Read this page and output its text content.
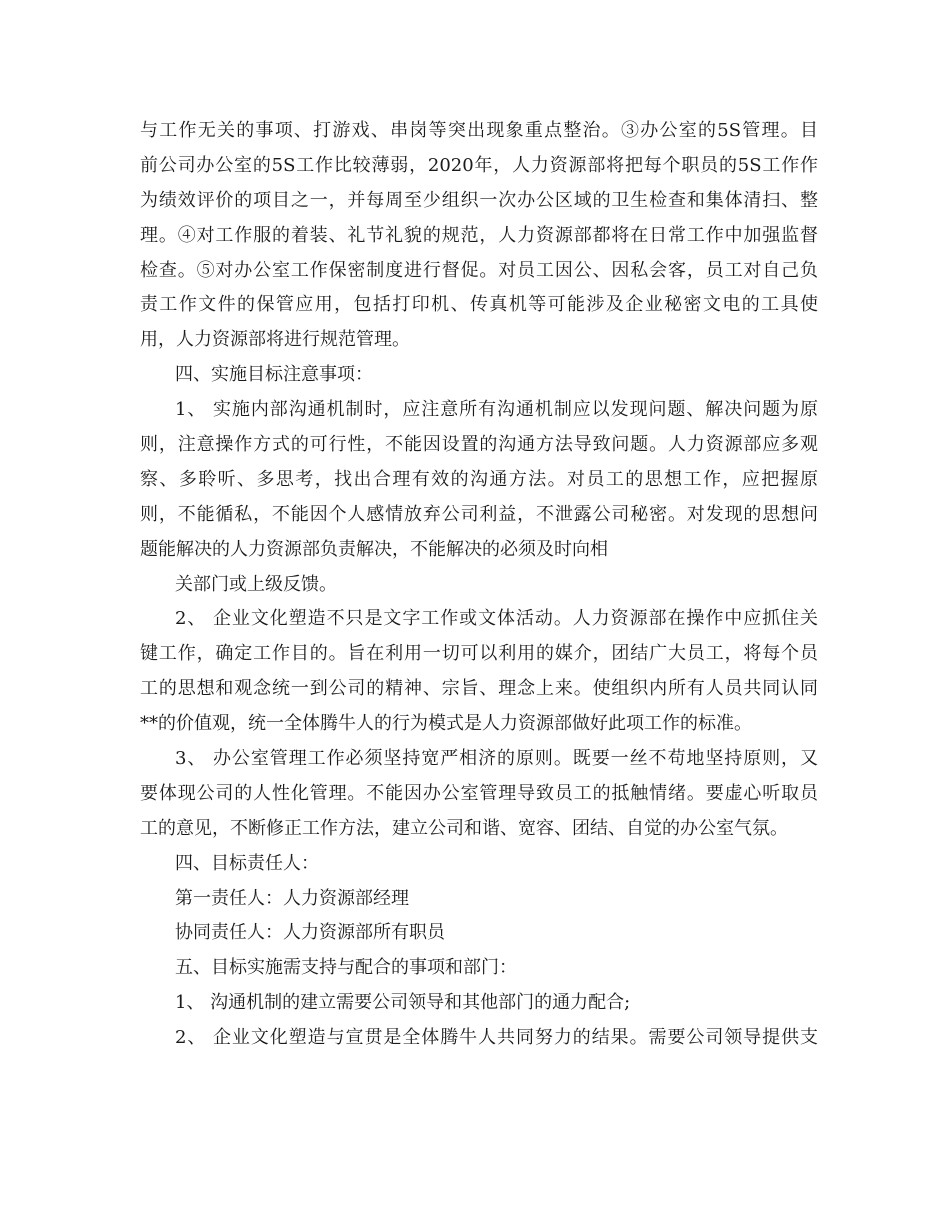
与工作无关的事项、打游戏、串岗等突出现象重点整治。③办公室的5S管理。目
前公司办公室的5S工作比较薄弱，2020年，人力资源部将把每个职员的5S工作作
为绩效评价的项目之一，并每周至少组织一次办公区域的卫生检查和集体清扫、整
理。④对工作服的着装、礼节礼貌的规范，人力资源部都将在日常工作中加强监督
检查。⑤对办公室工作保密制度进行督促。对员工因公、因私会客，员工对自己负
责工作文件的保管应用，包括打印机、传真机等可能涉及企业秘密文电的工具使
用，人力资源部将进行规范管理。
四、实施目标注意事项：
1、 实施内部沟通机制时，应注意所有沟通机制应以发现问题、解决问题为原
则，注意操作方式的可行性，不能因设置的沟通方法导致问题。人力资源部应多观
察、多聆听、多思考，找出合理有效的沟通方法。对员工的思想工作，应把握原
则，不能循私，不能因个人感情放弃公司利益，不泄露公司秘密。对发现的思想问
题能解决的人力资源部负责解决，不能解决的必须及时向相
关部门或上级反馈。
2、 企业文化塑造不只是文字工作或文体活动。人力资源部在操作中应抓住关
键工作，确定工作目的。旨在利用一切可以利用的媒介，团结广大员工，将每个员
工的思想和观念统一到公司的精神、宗旨、理念上来。使组织内所有人员共同认同
**的价值观，统一全体腾牛人的行为模式是人力资源部做好此项工作的标准。
3、 办公室管理工作必须坚持宽严相济的原则。既要一丝不苟地坚持原则，又
要体现公司的人性化管理。不能因办公室管理导致员工的抵触情绪。要虚心听取员
工的意见，不断修正工作方法，建立公司和谐、宽容、团结、自觉的办公室气氛。
四、目标责任人：
第一责任人：人力资源部经理
协同责任人：人力资源部所有职员
五、目标实施需支持与配合的事项和部门：
1、 沟通机制的建立需要公司领导和其他部门的通力配合;
2、 企业文化塑造与宣贯是全体腾牛人共同努力的结果。需要公司领导提供支
